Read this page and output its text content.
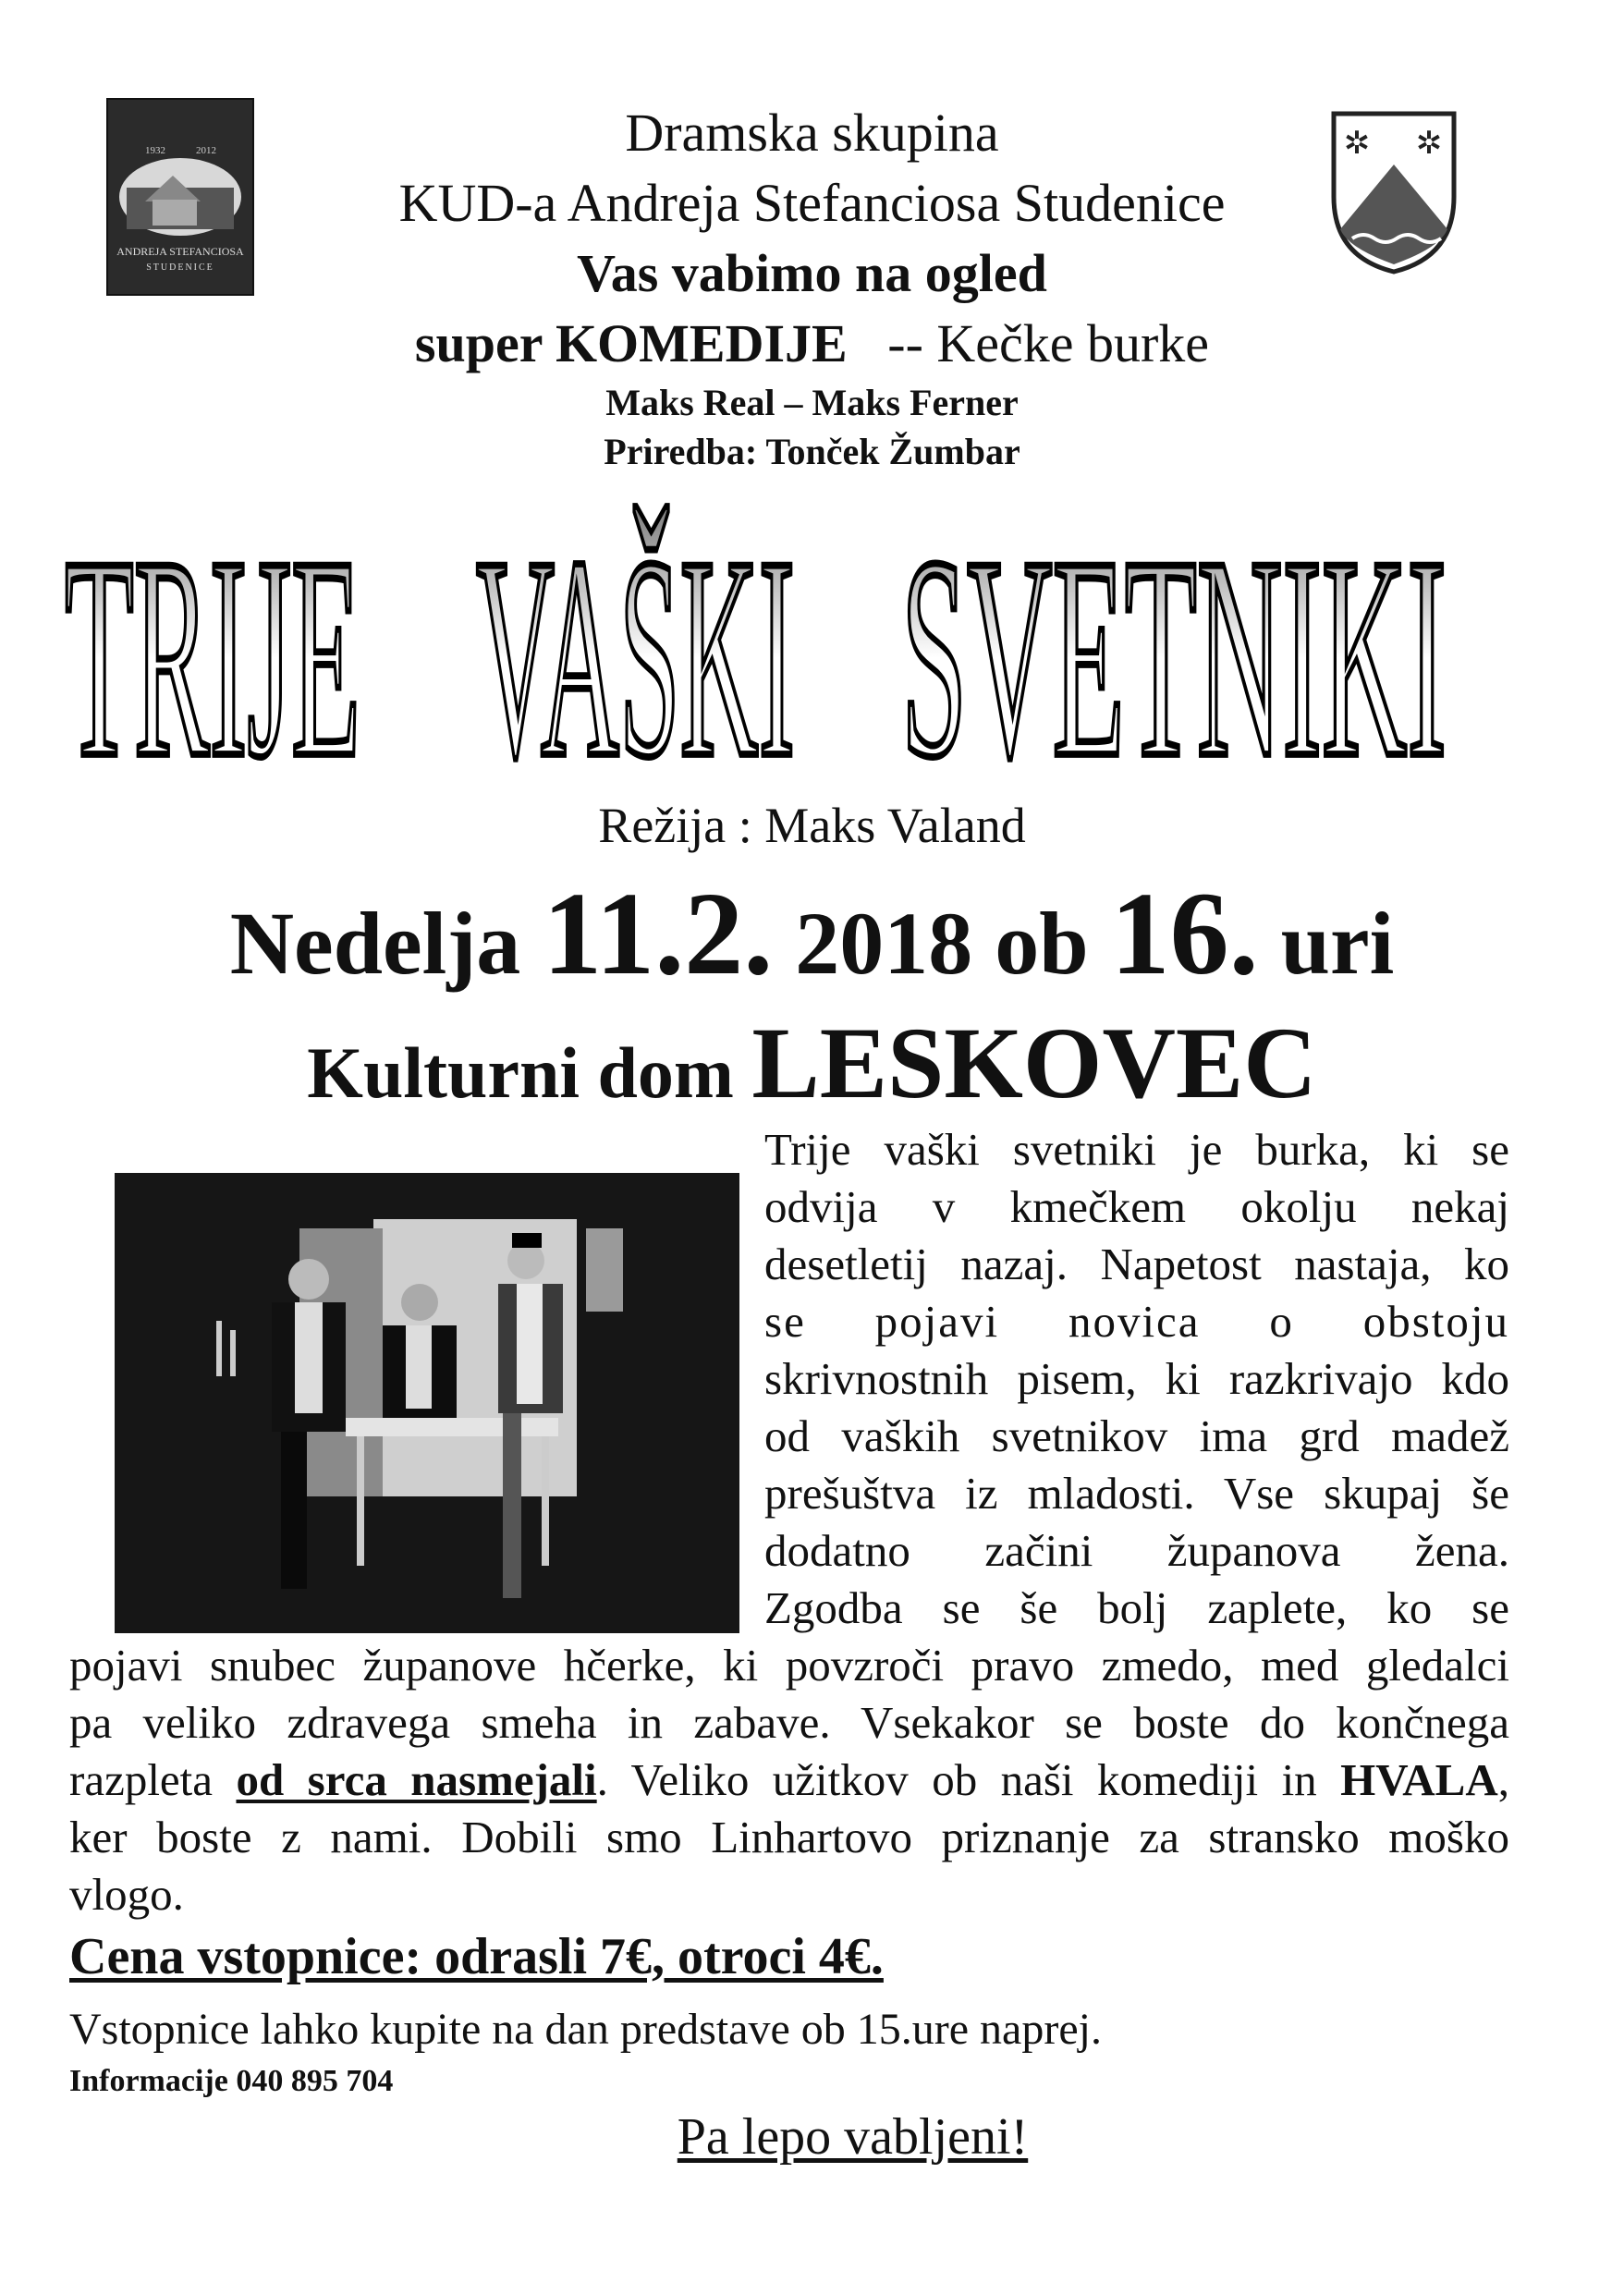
1932	2012
ANDREJA STEFANCIOSA
STUDENICE
✲ ✲
Dramska skupina
KUD-a Andreja Stefanciosa Studenice
Vas vabimo na ogled
super KOMEDIJE -- Kečke burke
Maks Real – Maks Ferner
Priredba: Tonček Žumbar
TRIJE VAŠKI SVETNIKI
Režija : Maks Valand
Nedelja 11.2. 2018 ob 16. uri
Kulturni dom LESKOVEC
Trije vaški svetniki je burka, ki se
odvija v kmečkem okolju nekaj
desetletij nazaj. Napetost nastaja, ko
se pojavi novica o obstoju
skrivnostnih pisem, ki razkrivajo kdo
od vaških svetnikov ima grd madež
prešuštva iz mladosti. Vse skupaj še
dodatno začini županova žena.
Zgodba se še bolj zaplete, ko se
pojavi snubec županove hčerke, ki povzroči pravo zmedo, med gledalci
pa veliko zdravega smeha in zabave. Vsekakor se boste do končnega
razpleta od srca nasmejali. Veliko užitkov ob naši komediji in HVALA,
ker boste z nami. Dobili smo Linhartovo priznanje za stransko moško
vlogo.
Cena vstopnice: odrasli 7€, otroci 4€.
Vstopnice lahko kupite na dan predstave ob 15.ure naprej.
Informacije 040 895 704
Pa lepo vabljeni!
